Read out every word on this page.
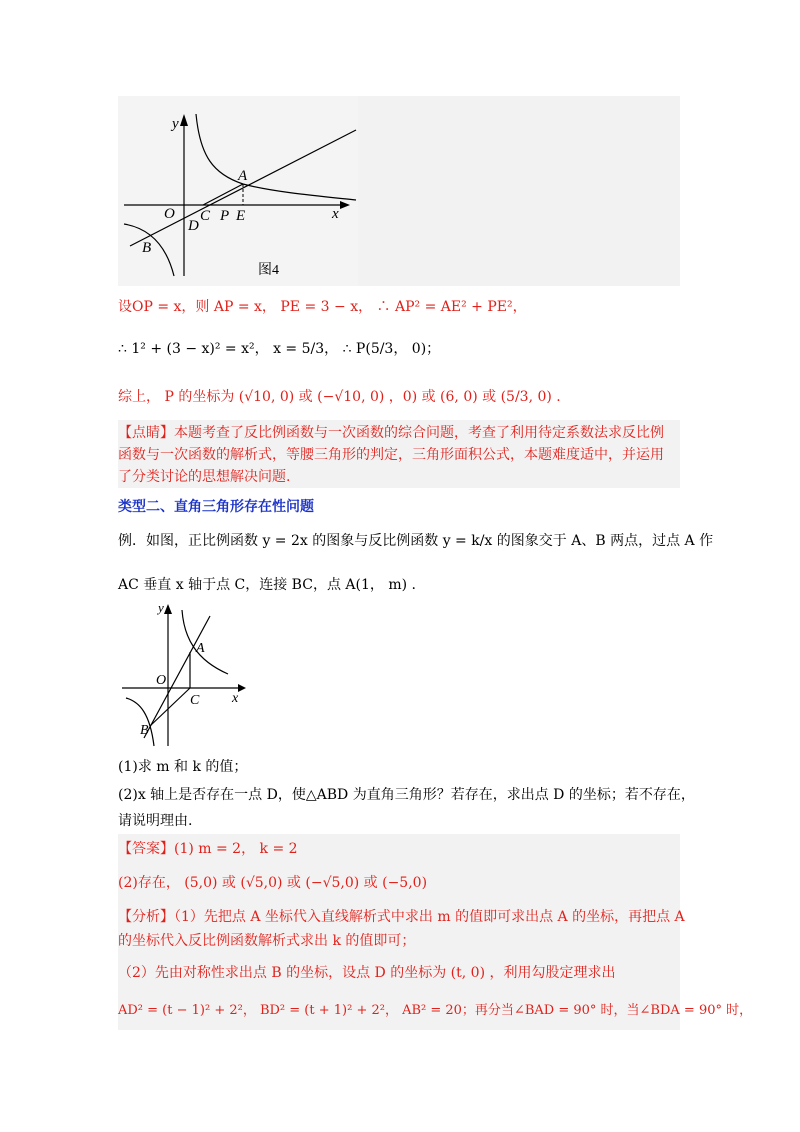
y
x
O
A
B
C
D
P E
图4
设OP = x，则 AP = x， PE = 3 − x， ∴ AP² = AE² + PE²，
∴ 1² + (3 − x)² = x²， x = 5/3， ∴ P(5/3， 0)；
综上， P 的坐标为 (√10, 0) 或 (−√10, 0) ，0) 或 (6, 0) 或 (5/3, 0) .
【点睛】本题考查了反比例函数与一次函数的综合问题，考查了利用待定系数法求反比例
函数与一次函数的解析式，等腰三角形的判定，三角形面积公式，本题难度适中，并运用
了分类讨论的思想解决问题.
类型二、直角三角形存在性问题
例．如图，正比例函数 y = 2x 的图象与反比例函数 y = k/x 的图象交于 A、B 两点，过点 A 作
AC 垂直 x 轴于点 C，连接 BC，点 A(1， m) .
y
x
O
A
B
C
(1)求 m 和 k 的值；
(2)x 轴上是否存在一点 D，使△ABD 为直角三角形？若存在，求出点 D 的坐标；若不存在，
请说明理由.
【答案】(1) m = 2， k = 2
(2)存在， (5,0) 或 (√5,0) 或 (−√5,0) 或 (−5,0)
【分析】（1）先把点 A 坐标代入直线解析式中求出 m 的值即可求出点 A 的坐标，再把点 A
的坐标代入反比例函数解析式求出 k 的值即可；
（2）先由对称性求出点 B 的坐标，设点 D 的坐标为 (t, 0) ，利用勾股定理求出
AD² = (t − 1)² + 2²， BD² = (t + 1)² + 2²， AB² = 20；再分当∠BAD = 90° 时，当∠BDA = 90° 时，
